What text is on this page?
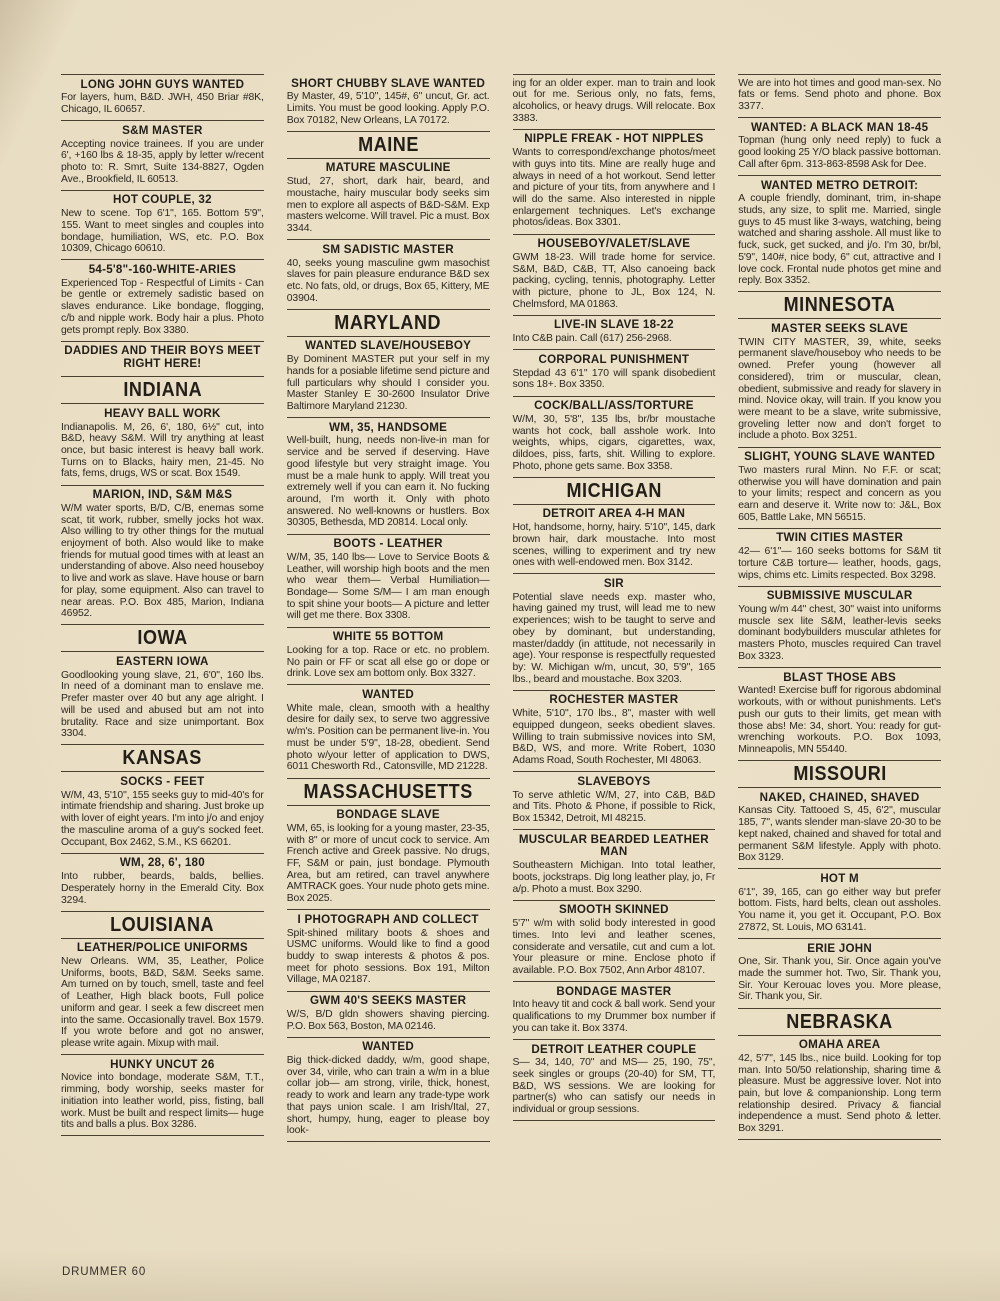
LONG JOHN GUYS WANTED
For layers, hum, B&D. JWH, 450 Briar #8K, Chicago, IL 60657.
S&M MASTER
Accepting novice trainees. If you are under 6', +160 lbs & 18-35, apply by letter w/recent photo to: R. Smrt, Suite 134-8827, Ogden Ave., Brookfield, IL 60513.
HOT COUPLE, 32
New to scene. Top 6'1", 165. Bottom 5'9", 155. Want to meet singles and couples into bondage, humiliation, WS, etc. P.O. Box 10309, Chicago 60610.
54-5'8"-160-WHITE-ARIES
Experienced Top - Respectful of Limits - Can be gentle or extremely sadistic based on slaves endurance. Like bondage, flogging, c/b and nipple work. Body hair a plus. Photo gets prompt reply. Box 3380.
DADDIES AND THEIR BOYS MEET RIGHT HERE!
INDIANA
HEAVY BALL WORK
Indianapolis. M, 26, 6', 180, 6½" cut, into B&D, heavy S&M. Will try anything at least once, but basic interest is heavy ball work. Turns on to Blacks, hairy men, 21-45. No fats, fems, drugs, WS or scat. Box 1549.
MARION, IND, S&M M&S
W/M water sports, B/D, C/B, enemas some scat, tit work, rubber, smelly jocks hot wax. Also willing to try other things for the mutual enjoyment of both. Also would like to make friends for mutual good times with at least an understanding of above. Also need houseboy to live and work as slave. Have house or barn for play, some equipment. Also can travel to near areas. P.O. Box 485, Marion, Indiana 46952.
IOWA
EASTERN IOWA
Goodlooking young slave, 21, 6'0", 160 lbs. In need of a dominant man to enslave me. Prefer master over 40 but any age alright. I will be used and abused but am not into brutality. Race and size unimportant. Box 3304.
KANSAS
SOCKS - FEET
W/M, 43, 5'10", 155 seeks guy to mid-40's for intimate friendship and sharing. Just broke up with lover of eight years. I'm into j/o and enjoy the masculine aroma of a guy's socked feet. Occupant, Box 2462, S.M., KS 66201.
WM, 28, 6', 180
Into rubber, beards, balds, bellies. Desperately horny in the Emerald City. Box 3294.
LOUISIANA
LEATHER/POLICE UNIFORMS
New Orleans. WM, 35, Leather, Police Uniforms, boots, B&D, S&M. Seeks same. Am turned on by touch, smell, taste and feel of Leather, High black boots, Full police uniform and gear. I seek a few discreet men into the same. Occasionally travel. Box 1579. If you wrote before and got no answer, please write again. Mixup with mail.
HUNKY UNCUT 26
Novice into bondage, moderate S&M, T.T., rimming, body worship, seeks master for initiation into leather world, piss, fisting, ball work. Must be built and respect limits— huge tits and balls a plus. Box 3286.
SHORT CHUBBY SLAVE WANTED
By Master, 49, 5'10", 145#, 6" uncut, Gr. act. Limits. You must be good looking. Apply P.O. Box 70182, New Orleans, LA 70172.
MAINE
MATURE MASCULINE
Stud, 27, short, dark hair, beard, and moustache, hairy muscular body seeks sim men to explore all aspects of B&D-S&M. Exp masters welcome. Will travel. Pic a must. Box 3344.
SM SADISTIC MASTER
40, seeks young masculine gwm masochist slaves for pain pleasure endurance B&D sex etc. No fats, old, or drugs, Box 65, Kittery, ME 03904.
MARYLAND
WANTED SLAVE/HOUSEBOY
By Dominent MASTER put your self in my hands for a posiable lifetime send picture and full particulars why should I consider you. Master Stanley E 30-2600 Insulator Drive Baltimore Maryland 21230.
WM, 35, HANDSOME
Well-built, hung, needs non-live-in man for service and be served if deserving. Have good lifestyle but very straight image. You must be a male hunk to apply. Will treat you extremely well if you can earn it. No fucking around, I'm worth it. Only with photo answered. No well-knowns or hustlers. Box 30305, Bethesda, MD 20814. Local only.
BOOTS - LEATHER
W/M, 35, 140 lbs— Love to Service Boots & Leather, will worship high boots and the men who wear them— Verbal Humiliation— Bondage— Some S/M— I am man enough to spit shine your boots— A picture and letter will get me there. Box 3308.
WHITE 55 BOTTOM
Looking for a top. Race or etc. no problem. No pain or FF or scat all else go or dope or drink. Love sex am bottom only. Box 3327.
WANTED
White male, clean, smooth with a healthy desire for daily sex, to serve two aggressive w/m's. Position can be permanent live-in. You must be under 5'9", 18-28, obedient. Send photo w/your letter of application to DWS, 6011 Chesworth Rd., Catonsville, MD 21228.
MASSACHUSETTS
BONDAGE SLAVE
WM, 65, is looking for a young master, 23-35, with 8" or more of uncut cock to service. Am French active and Greek passive. No drugs, FF, S&M or pain, just bondage. Plymouth Area, but am retired, can travel anywhere AMTRACK goes. Your nude photo gets mine. Box 2025.
I PHOTOGRAPH AND COLLECT
Spit-shined military boots & shoes and USMC uniforms. Would like to find a good buddy to swap interests & photos & pos. meet for photo sessions. Box 191, Milton Village, MA 02187.
GWM 40'S SEEKS MASTER
W/S, B/D gldn showers shaving piercing. P.O. Box 563, Boston, MA 02146.
WANTED
Big thick-dicked daddy, w/m, good shape, over 34, virile, who can train a w/m in a blue collar job— am strong, virile, thick, honest, ready to work and learn any trade-type work that pays union scale. I am Irish/Ital, 27, short, humpy, hung, eager to please boy look-
ing for an older exper. man to train and look out for me. Serious only, no fats, fems, alcoholics, or heavy drugs. Will relocate. Box 3383.
NIPPLE FREAK - HOT NIPPLES
Wants to correspond/exchange photos/meet with guys into tits. Mine are really huge and always in need of a hot workout. Send letter and picture of your tits, from anywhere and I will do the same. Also interested in nipple enlargement techniques. Let's exchange photos/ideas. Box 3301.
HOUSEBOY/VALET/SLAVE
GWM 18-23. Will trade home for service. S&M, B&D, C&B, TT, Also canoeing back packing, cycling, tennis, photography. Letter with picture, phone to JL, Box 124, N. Chelmsford, MA 01863.
LIVE-IN SLAVE 18-22
Into C&B pain. Call (617) 256-2968.
CORPORAL PUNISHMENT
Stepdad 43 6'1" 170 will spank disobedient sons 18+. Box 3350.
COCK/BALL/ASS/TORTURE
W/M, 30, 5'8", 135 lbs, br/br moustache wants hot cock, ball asshole work. Into weights, whips, cigars, cigarettes, wax, dildoes, piss, farts, shit. Willing to explore. Photo, phone gets same. Box 3358.
MICHIGAN
DETROIT AREA 4-H MAN
Hot, handsome, horny, hairy. 5'10", 145, dark brown hair, dark moustache. Into most scenes, willing to experiment and try new ones with well-endowed men. Box 3142.
SIR
Potential slave needs exp. master who, having gained my trust, will lead me to new experiences; wish to be taught to serve and obey by dominant, but understanding, master/daddy (in attitude, not necessarily in age). Your response is respectfully requested by: W. Michigan w/m, uncut, 30, 5'9", 165 lbs., beard and moustache. Box 3203.
ROCHESTER MASTER
White, 5'10", 170 lbs., 8", master with well equipped dungeon, seeks obedient slaves. Willing to train submissive novices into SM, B&D, WS, and more. Write Robert, 1030 Adams Road, South Rochester, MI 48063.
SLAVEBOYS
To serve athletic W/M, 27, into C&B, B&D and Tits. Photo & Phone, if possible to Rick, Box 15342, Detroit, MI 48215.
MUSCULAR BEARDED LEATHER MAN
Southeastern Michigan. Into total leather, boots, jockstraps. Dig long leather play, jo, Fr a/p. Photo a must. Box 3290.
SMOOTH SKINNED
5'7" w/m with solid body interested in good times. Into levi and leather scenes, considerate and versatile, cut and cum a lot. Your pleasure or mine. Enclose photo if available. P.O. Box 7502, Ann Arbor 48107.
BONDAGE MASTER
Into heavy tit and cock & ball work. Send your qualifications to my Drummer box number if you can take it. Box 3374.
DETROIT LEATHER COUPLE
S— 34, 140, 70" and MS— 25, 190, 75", seek singles or groups (20-40) for SM, TT, B&D, WS sessions. We are looking for partner(s) who can satisfy our needs in individual or group sessions.
We are into hot times and good man-sex. No fats or fems. Send photo and phone. Box 3377.
WANTED: A BLACK MAN 18-45
Topman (hung only need reply) to fuck a good looking 25 Y/O black passive bottoman. Call after 6pm. 313-863-8598 Ask for Dee.
WANTED METRO DETROIT:
A couple friendly, dominant, trim, in-shape studs, any size, to split me. Married, single guys to 45 must like 3-ways, watching, being watched and sharing asshole. All must like to fuck, suck, get sucked, and j/o. I'm 30, br/bl, 5'9", 140#, nice body, 6" cut, attractive and I love cock. Frontal nude photos get mine and reply. Box 3352.
MINNESOTA
MASTER SEEKS SLAVE
TWIN CITY MASTER, 39, white, seeks permanent slave/houseboy who needs to be owned. Prefer young (however all considered), trim or muscular, clean, obedient, submissive and ready for slavery in mind. Novice okay, will train. If you know you were meant to be a slave, write submissive, groveling letter now and don't forget to include a photo. Box 3251.
SLIGHT, YOUNG SLAVE WANTED
Two masters rural Minn. No F.F. or scat; otherwise you will have domination and pain to your limits; respect and concern as you earn and deserve it. Write now to: J&L, Box 605, Battle Lake, MN 56515.
TWIN CITIES MASTER
42— 6'1"— 160 seeks bottoms for S&M tit torture C&B torture— leather, hoods, gags, wips, chims etc. Limits respected. Box 3298.
SUBMISSIVE MUSCULAR
Young w/m 44" chest, 30" waist into uniforms muscle sex lite S&M, leather-levis seeks dominant bodybuilders muscular athletes for masters Photo, muscles required Can travel Box 3323.
BLAST THOSE ABS
Wanted! Exercise buff for rigorous abdominal workouts, with or without punishments. Let's push our guts to their limits, get mean with those abs! Me: 34, short. You: ready for gut-wrenching workouts. P.O. Box 1093, Minneapolis, MN 55440.
MISSOURI
NAKED, CHAINED, SHAVED
Kansas City. Tattooed S, 45, 6'2", muscular 185, 7", wants slender man-slave 20-30 to be kept naked, chained and shaved for total and permanent S&M lifestyle. Apply with photo. Box 3129.
HOT M
6'1", 39, 165, can go either way but prefer bottom. Fists, hard belts, clean out assholes. You name it, you get it. Occupant, P.O. Box 27872, St. Louis, MO 63141.
ERIE JOHN
One, Sir. Thank you, Sir. Once again you've made the summer hot. Two, Sir. Thank you, Sir. Your Kerouac loves you. More please, Sir. Thank you, Sir.
NEBRASKA
OMAHA AREA
42, 5'7", 145 lbs., nice build. Looking for top man. Into 50/50 relationship, sharing time & pleasure. Must be aggressive lover. Not into pain, but love & companionship. Long term relationship desired. Privacy & fiancial independence a must. Send photo & letter. Box 3291.
DRUMMER 60
